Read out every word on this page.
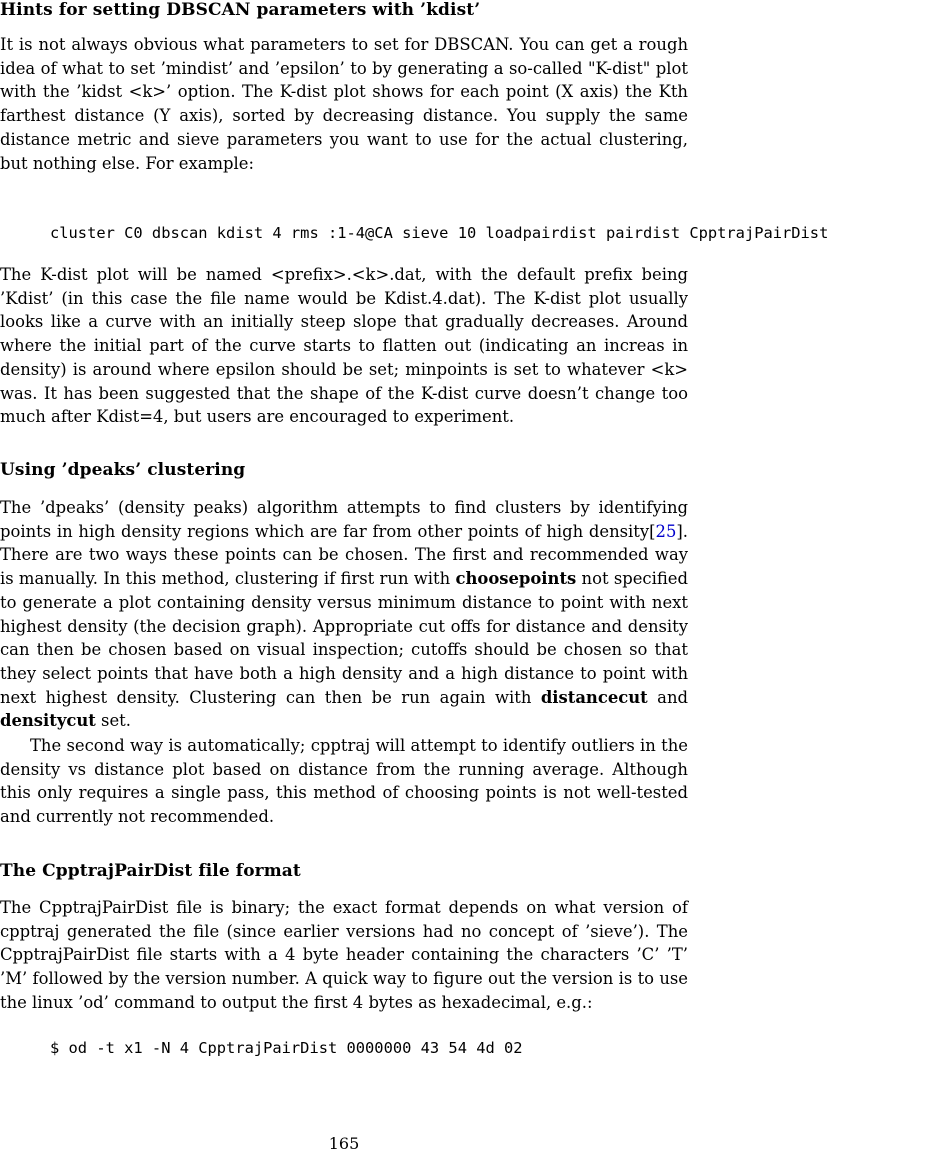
Hints for setting DBSCAN parameters with ’kdist’

It is not always obvious what parameters to set for DBSCAN. You can get a rough idea of what to set ’mindist’ and ’epsilon’ to by generating a so-called "K-dist" plot with the ’kidst <k>’ option. The K-dist plot shows for each point (X axis) the Kth farthest distance (Y axis), sorted by decreasing distance. You supply the same distance metric and sieve parameters you want to use for the actual clustering, but nothing else. For example:

cluster C0 dbscan kdist 4 rms :1-4@CA sieve 10 loadpairdist pairdist CpptrajPairDist

The K-dist plot will be named <prefix>.<k>.dat, with the default prefix being ’Kdist’ (in this case the file name would be Kdist.4.dat). The K-dist plot usually looks like a curve with an initially steep slope that gradually decreases. Around where the initial part of the curve starts to flatten out (indicating an increas in density) is around where epsilon should be set; minpoints is set to whatever <k> was. It has been suggested that the shape of the K-dist curve doesn’t change too much after Kdist=4, but users are encouraged to experiment.

Using ’dpeaks’ clustering

The ’dpeaks’ (density peaks) algorithm attempts to find clusters by identifying points in high density regions which are far from other points of high density[25]. There are two ways these points can be chosen. The first and recommended way is manually. In this method, clustering if first run with choosepoints not specified to generate a plot containing density versus minimum distance to point with next highest density (the decision graph). Appropriate cut offs for distance and density can then be chosen based on visual inspection; cutoffs should be chosen so that they select points that have both a high density and a high distance to point with next highest density. Clustering can then be run again with distancecut and densitycut set.

The second way is automatically; cpptraj will attempt to identify outliers in the density vs distance plot based on distance from the running average. Although this only requires a single pass, this method of choosing points is not well-tested and currently not recommended.

The CpptrajPairDist file format

The CpptrajPairDist file is binary; the exact format depends on what version of cpptraj generated the file (since earlier versions had no concept of ’sieve’). The CpptrajPairDist file starts with a 4 byte header containing the characters ’C’ ’T’ ’M’ followed by the version number. A quick way to figure out the version is to use the linux ’od’ command to output the first 4 bytes as hexadecimal, e.g.:

$ od -t x1 -N 4 CpptrajPairDist 0000000 43 54 4d 02
165
